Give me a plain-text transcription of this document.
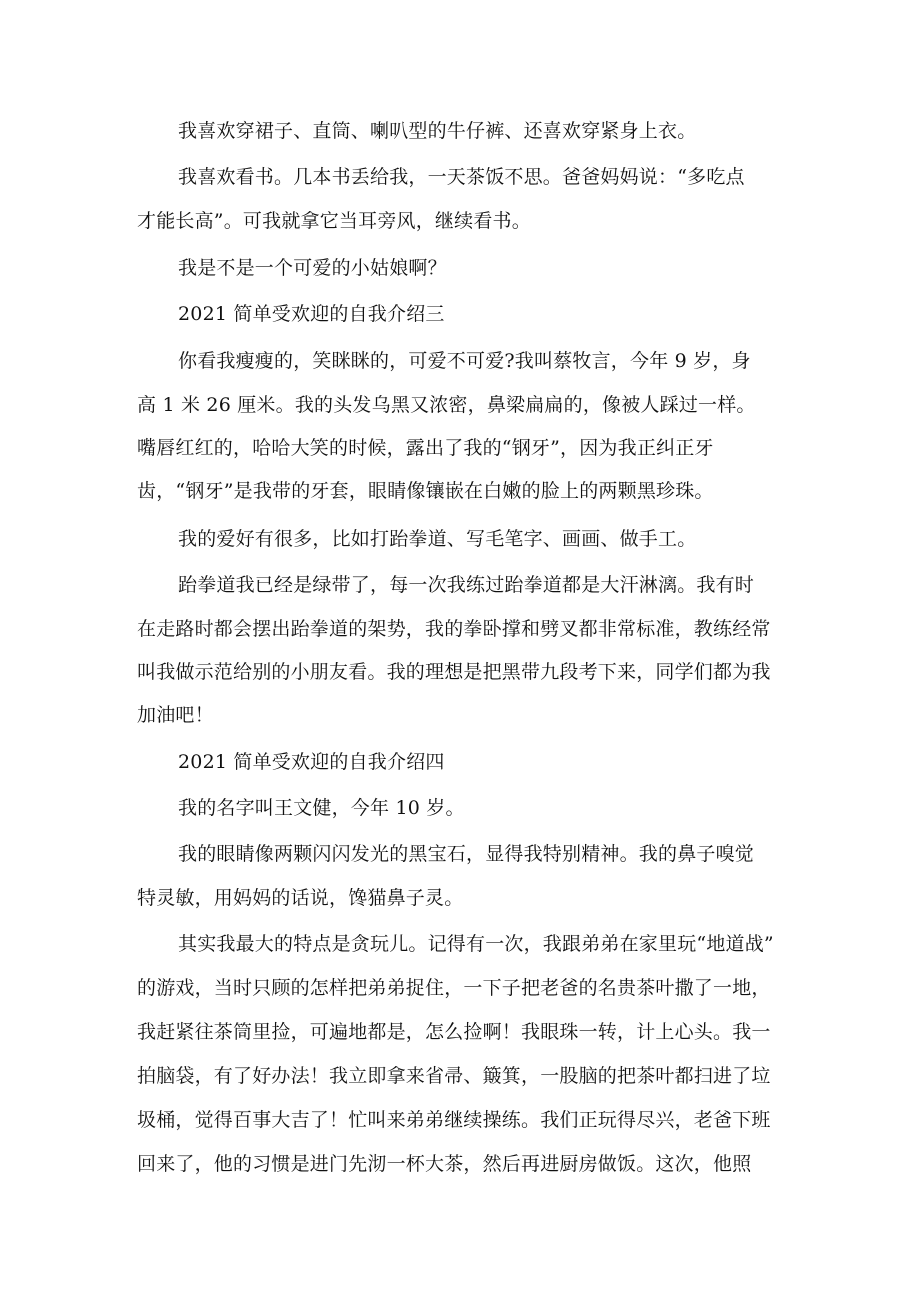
我喜欢穿裙子、直筒、喇叭型的牛仔裤、还喜欢穿紧身上衣。
我喜欢看书。几本书丢给我，一天茶饭不思。爸爸妈妈说：“多吃点
才能长高”。可我就拿它当耳旁风，继续看书。
我是不是一个可爱的小姑娘啊？
2021 简单受欢迎的自我介绍三
你看我瘦瘦的，笑眯眯的，可爱不可爱?我叫蔡牧言，今年 9 岁，身
高 1 米 26 厘米。我的头发乌黑又浓密，鼻梁扁扁的，像被人踩过一样。
嘴唇红红的，哈哈大笑的时候，露出了我的“钢牙”，因为我正纠正牙
齿，“钢牙”是我带的牙套，眼睛像镶嵌在白嫩的脸上的两颗黑珍珠。
我的爱好有很多，比如打跆拳道、写毛笔字、画画、做手工。
跆拳道我已经是绿带了，每一次我练过跆拳道都是大汗淋漓。我有时
在走路时都会摆出跆拳道的架势，我的拳卧撑和劈叉都非常标准，教练经常
叫我做示范给别的小朋友看。我的理想是把黑带九段考下来，同学们都为我
加油吧！
2021 简单受欢迎的自我介绍四
我的名字叫王文健，今年 10 岁。
我的眼睛像两颗闪闪发光的黑宝石，显得我特别精神。我的鼻子嗅觉
特灵敏，用妈妈的话说，馋猫鼻子灵。
其实我最大的特点是贪玩儿。记得有一次，我跟弟弟在家里玩“地道战”
的游戏，当时只顾的怎样把弟弟捉住，一下子把老爸的名贵茶叶撒了一地，
我赶紧往茶筒里捡，可遍地都是，怎么捡啊！我眼珠一转，计上心头。我一
拍脑袋，有了好办法！我立即拿来省帚、簸箕，一股脑的把茶叶都扫进了垃
圾桶，觉得百事大吉了！忙叫来弟弟继续操练。我们正玩得尽兴，老爸下班
回来了，他的习惯是进门先沏一杯大茶，然后再进厨房做饭。这次，他照
